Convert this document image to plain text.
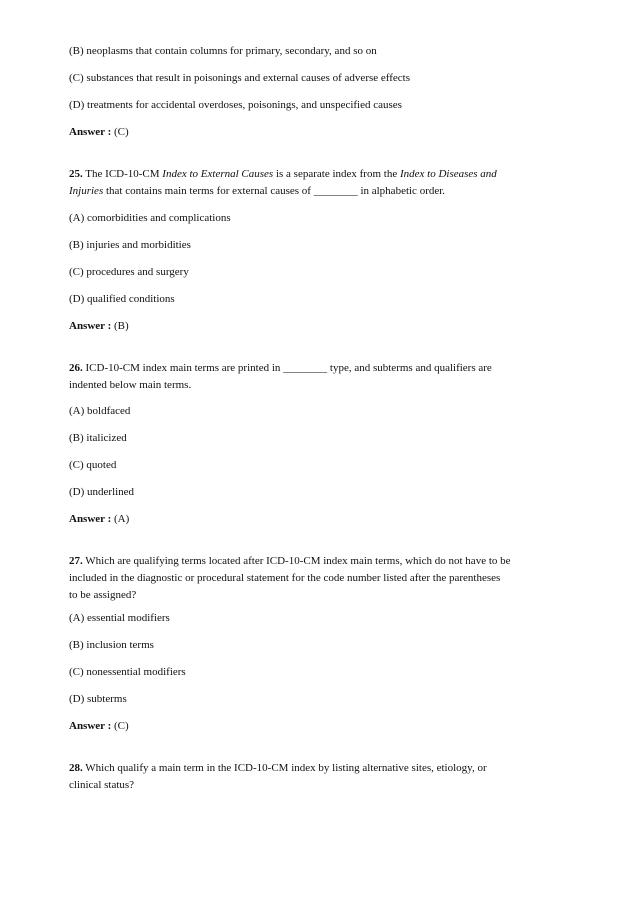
(B) neoplasms that contain columns for primary, secondary, and so on
(C) substances that result in poisonings and external causes of adverse effects
(D) treatments for accidental overdoses, poisonings, and unspecified causes
Answer : (C)
25. The ICD-10-CM Index to External Causes is a separate index from the Index to Diseases and
Injuries that contains main terms for external causes of ________ in alphabetic order.
(A) comorbidities and complications
(B) injuries and morbidities
(C) procedures and surgery
(D) qualified conditions
Answer : (B)
26. ICD-10-CM index main terms are printed in ________ type, and subterms and qualifiers are
indented below main terms.
(A) boldfaced
(B) italicized
(C) quoted
(D) underlined
Answer : (A)
27. Which are qualifying terms located after ICD-10-CM index main terms, which do not have to be
included in the diagnostic or procedural statement for the code number listed after the parentheses
to be assigned?
(A) essential modifiers
(B) inclusion terms
(C) nonessential modifiers
(D) subterms
Answer : (C)
28. Which qualify a main term in the ICD-10-CM index by listing alternative sites, etiology, or
clinical status?
